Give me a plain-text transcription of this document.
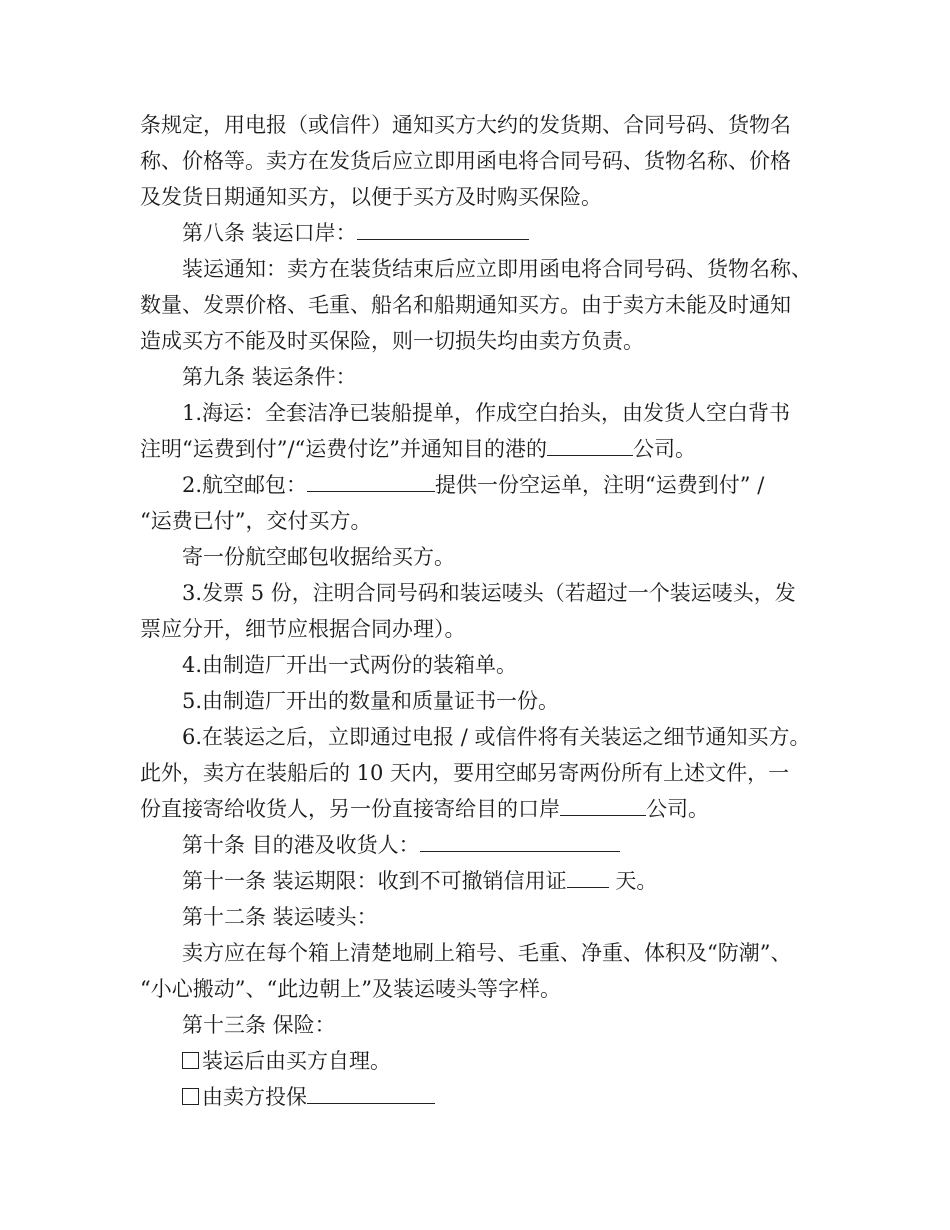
条规定，用电报（或信件）通知买方大约的发货期、合同号码、货物名
称、价格等。卖方在发货后应立即用函电将合同号码、货物名称、价格
及发货日期通知买方，以便于买方及时购买保险。
第八条 装运口岸：
装运通知：卖方在装货结束后应立即用函电将合同号码、货物名称、
数量、发票价格、毛重、船名和船期通知买方。由于卖方未能及时通知
造成买方不能及时买保险，则一切损失均由卖方负责。
第九条 装运条件：
1.海运：全套洁净已装船提单，作成空白抬头，由发货人空白背书
注明“运费到付”/“运费付讫”并通知目的港的	公司。
2.航空邮包：	提供一份空运单，注明“运费到付” /
“运费已付”，交付买方。
寄一份航空邮包收据给买方。
3.发票 5 份，注明合同号码和装运唛头（若超过一个装运唛头，发
票应分开，细节应根据合同办理）。
4.由制造厂开出一式两份的装箱单。
5.由制造厂开出的数量和质量证书一份。
6.在装运之后，立即通过电报 / 或信件将有关装运之细节通知买方。
此外，卖方在装船后的 10 天内，要用空邮另寄两份所有上述文件，一
份直接寄给收货人，另一份直接寄给目的口岸	公司。
第十条 目的港及收货人：
第十一条 装运期限：收到不可撤销信用证 天。
第十二条 装运唛头：
卖方应在每个箱上清楚地刷上箱号、毛重、净重、体积及“防潮”、
“小心搬动”、“此边朝上”及装运唛头等字样。
第十三条 保险：
装运后由买方自理。
由卖方投保
